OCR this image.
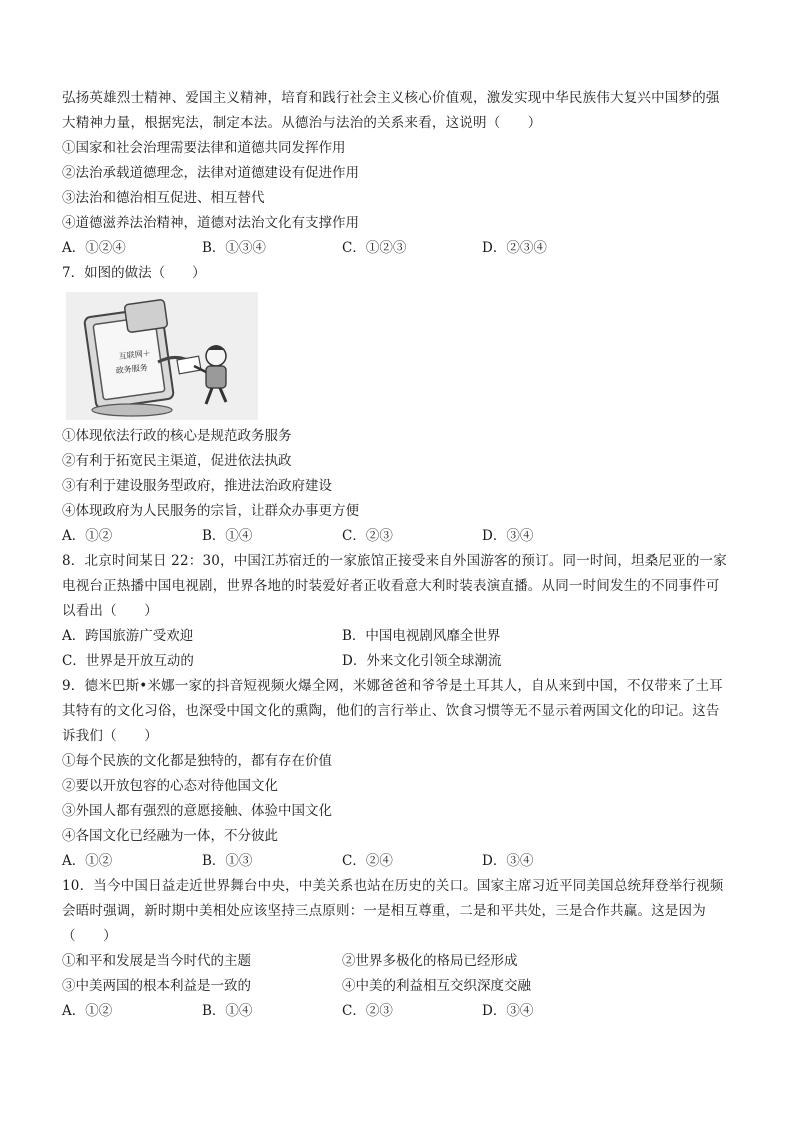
弘扬英雄烈士精神、爱国主义精神，培育和践行社会主义核心价值观，激发实现中华民族伟大复兴中国梦的强大精神力量，根据宪法，制定本法。从德治与法治的关系来看，这说明（　　）
①国家和社会治理需要法律和道德共同发挥作用
②法治承载道德理念，法律对道德建设有促进作用
③法治和德治相互促进、相互替代
④道德滋养法治精神，道德对法治文化有支撑作用
A．①②④	B．①③④	C．①②③	D．②③④
7．如图的做法（　　）
互联网＋
政务服务
①体现依法行政的核心是规范政务服务
②有利于拓宽民主渠道，促进依法执政
③有利于建设服务型政府，推进法治政府建设
④体现政府为人民服务的宗旨，让群众办事更方便
A．①②	B．①④	C．②③	D．③④
8．北京时间某日 22：30，中国江苏宿迁的一家旅馆正接受来自外国游客的预订。同一时间，坦桑尼亚的一家电视台正热播中国电视剧，世界各地的时装爱好者正收看意大利时装表演直播。从同一时间发生的不同事件可以看出（　　）
A．跨国旅游广受欢迎	B．中国电视剧风靡全世界
C．世界是开放互动的	D．外来文化引领全球潮流
9．德米巴斯•米娜一家的抖音短视频火爆全网，米娜爸爸和爷爷是土耳其人，自从来到中国，不仅带来了土耳其特有的文化习俗，也深受中国文化的熏陶，他们的言行举止、饮食习惯等无不显示着两国文化的印记。这告诉我们（　　）
①每个民族的文化都是独特的，都有存在价值
②要以开放包容的心态对待他国文化
③外国人都有强烈的意愿接触、体验中国文化
④各国文化已经融为一体，不分彼此
A．①②	B．①③	C．②④	D．③④
10．当今中国日益走近世界舞台中央，中美关系也站在历史的关口。国家主席习近平同美国总统拜登举行视频会晤时强调，新时期中美相处应该坚持三点原则：一是相互尊重，二是和平共处，三是合作共赢。这是因为（　　）
①和平和发展是当今时代的主题	②世界多极化的格局已经形成
③中美两国的根本利益是一致的	④中美的利益相互交织深度交融
A．①②	B．①④	C．②③	D．③④
